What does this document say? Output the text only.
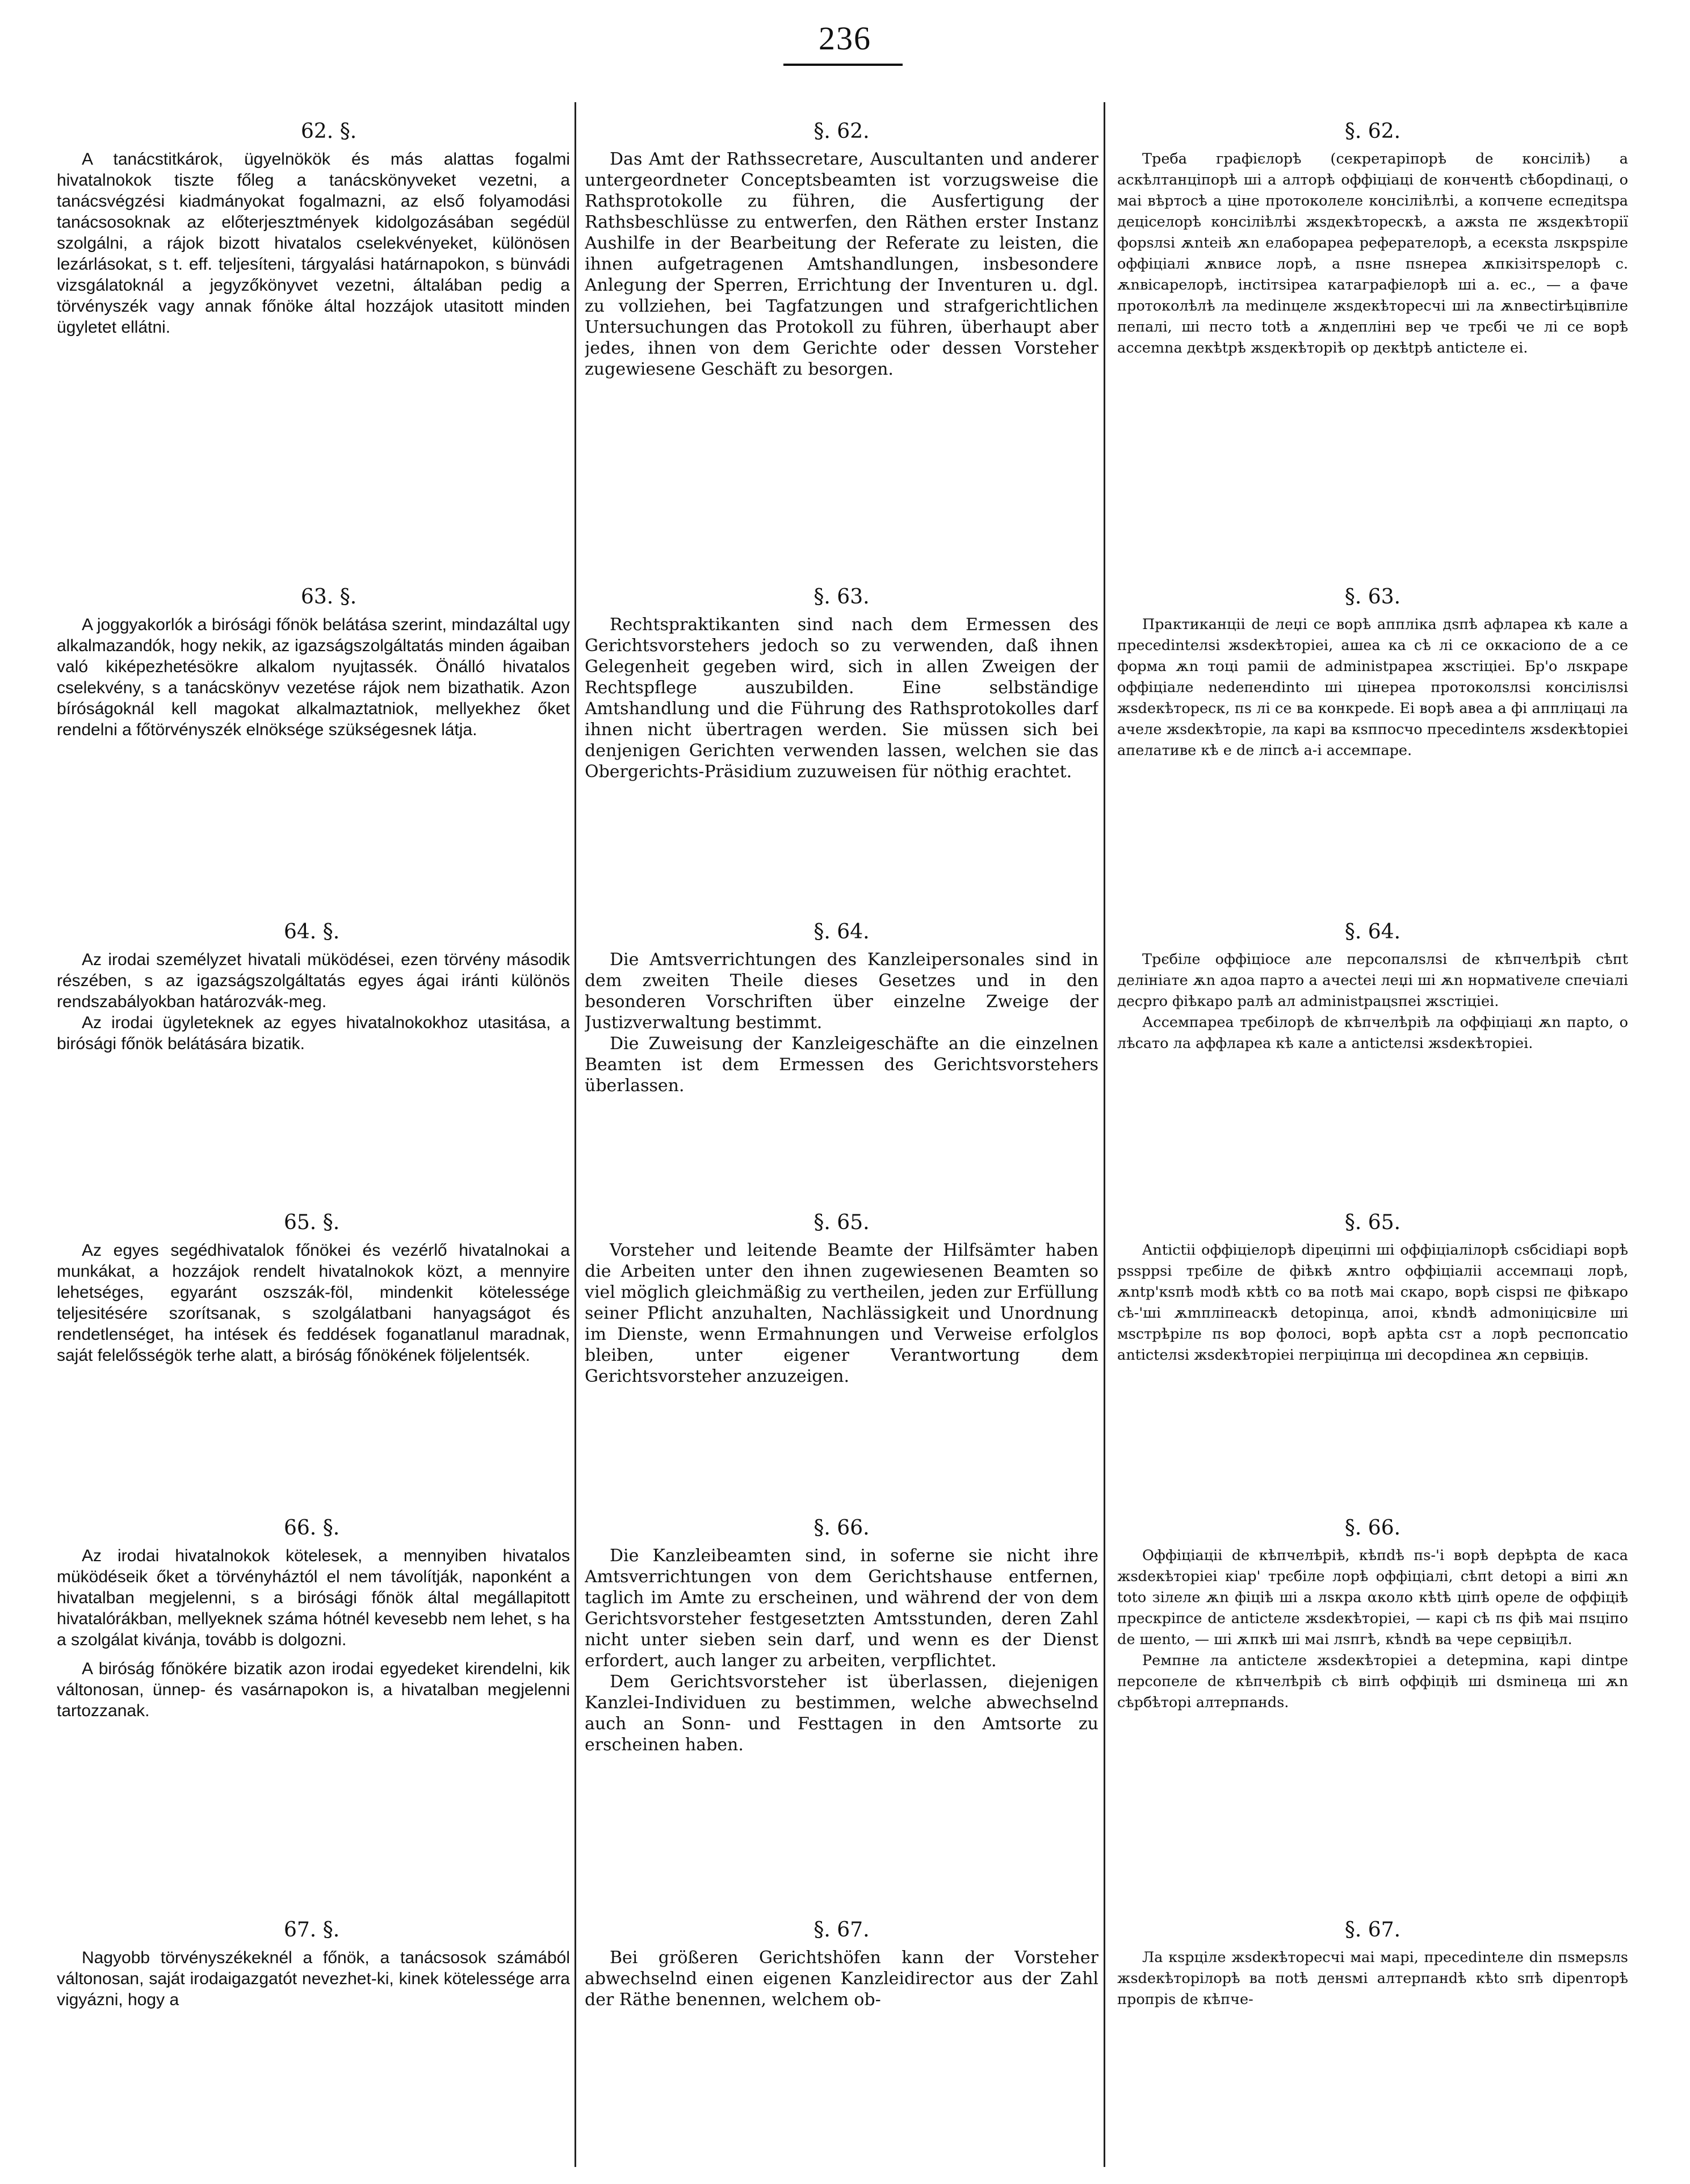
236
62. §.

A tanácstitkárok, ügyelnökök és más alattas fogalmi hivatalnokok tiszte főleg a tanácskönyveket vezetni, a tanácsvégzési kiadmányokat fogalmazni, az első folyamodási tanácsosoknak az előterjesztmények kidolgozásában segédül szolgálni, a rájok bizott hivatalos cselekvényeket, különösen lezárlásokat, s t. eff. teljesíteni, tárgyalási határnapokon, s bünvádi vizsgálatoknál a jegyzőkönyvet vezetni, általában pedig a törvényszék vagy annak főnöke által hozzájok utasitott minden ügyletet ellátni.

63. §.

A joggyakorlók a birósági főnök belátása szerint, mindazáltal ugy alkalmazandók, hogy nekik, az igazságszolgáltatás minden ágaiban való kiképezhetésökre alkalom nyujtassék. Önálló hivatalos cselekvény, s a tanácskönyv vezetése rájok nem bizathatik. Azon bíróságoknál kell magokat alkalmaztatniok, mellyekhez őket rendelni a főtörvényszék elnöksége szükségesnek látja.

64. §.

Az irodai személyzet hivatali müködései, ezen törvény második részében, s az igazságszolgáltatás egyes ágai iránti különös rendszabályokban határozvák-meg.

Az irodai ügyleteknek az egyes hivatalnokokhoz utasitása, a birósági főnök belátására bizatik.

65. §.

Az egyes segédhivatalok főnökei és vezérlő hivatalnokai a munkákat, a hozzájok rendelt hivatalnokok közt, a mennyire lehetséges, egyaránt oszszák-föl, mindenkit kötelessége teljesitésére szorítsanak, s szolgálatbani hanyagságot és rendetlenséget, ha intések és feddések foganatlanul maradnak, saját felelősségök terhe alatt, a biróság főnökének följelentsék.

66. §.

Az irodai hivatalnokok kötelesek, a mennyiben hivatalos müködéseik őket a törvényháztól el nem távolítják, naponként a hivatalban megjelenni, s a birósági főnök által megállapitott hivatalórákban, mellyeknek száma hótnél kevesebb nem lehet, s ha a szolgálat kivánja, tovább is dolgozni.

A biróság főnökére bizatik azon irodai egyedeket kirendelni, kik váltonosan, ünnep- és vasárnapokon is, a hivatalban megjelenni tartozzanak.

67. §.

Nagyobb törvényszékeknél a főnök, a tanácsosok számából váltonosan, saját irodaigazgatót nevezhet-ki, kinek kötelessége arra vigyázni, hogy a

§. 62.

Das Amt der Rathssecretare, Auscultanten und anderer untergeordneter Conceptsbeamten ist vorzugsweise die Rathsprotokolle zu führen, die Ausfertigung der Rathsbeschlüsse zu entwerfen, den Räthen erster Instanz Aushilfe in der Bearbeitung der Referate zu leisten, die ihnen aufgetragenen Amtshandlungen, insbesondere Anlegung der Sperren, Errichtung der Inventuren u. dgl. zu vollziehen, bei Tagfatzungen und strafgerichtlichen Untersuchungen das Protokoll zu führen, überhaupt aber jedes, ihnen von dem Gerichte oder dessen Vorsteher zugewiesene Geschäft zu besorgen.

§. 63.

Rechtspraktikanten sind nach dem Ermessen des Gerichtsvorstehers jedoch so zu verwenden, daß ihnen Gelegenheit gegeben wird, sich in allen Zweigen der Rechtspflege auszubilden. Eine selbständige Amtshandlung und die Führung des Rathsprotokolles darf ihnen nicht übertragen werden. Sie müssen sich bei denjenigen Gerichten verwenden lassen, welchen sie das Obergerichts-Präsidium zuzuweisen für nöthig erachtet.

§. 64.

Die Amtsverrichtungen des Kanzleipersonales sind in dem zweiten Theile dieses Gesetzes und in den besonderen Vorschriften über einzelne Zweige der Justizverwaltung bestimmt.

Die Zuweisung der Kanzleigeschäfte an die einzelnen Beamten ist dem Ermessen des Gerichtsvorstehers überlassen.

§. 65.

Vorsteher und leitende Beamte der Hilfsämter haben die Arbeiten unter den ihnen zugewiesenen Beamten so viel möglich gleichmäßig zu vertheilen, jeden zur Erfüllung seiner Pflicht anzuhalten, Nachlässigkeit und Unordnung im Dienste, wenn Ermahnungen und Verweise erfolglos bleiben, unter eigener Verantwortung dem Gerichtsvorsteher anzuzeigen.

§. 66.

Die Kanzleibeamten sind, in soferne sie nicht ihre Amtsverrichtungen von dem Gerichtshause entfernen, taglich im Amte zu erscheinen, und während der von dem Gerichtsvorsteher festgesetzten Amtsstunden, deren Zahl nicht unter sieben sein darf, und wenn es der Dienst erfordert, auch langer zu arbeiten, verpflichtet.

Dem Gerichtsvorsteher ist überlassen, diejenigen Kanzlei-Individuen zu bestimmen, welche abwechselnd auch an Sonn- und Festtagen in den Amtsorte zu erscheinen haben.

§. 67.

Bei größeren Gerichtshöfen kann der Vorsteher abwechselnd einen eigenen Kanzleidirector aus der Zahl der Räthe benennen, welchem ob-

§. 62.

Треба графієлорѣ (секретаріпорѣ de консіліѣ) а аскѣлтанціпорѣ ші а алторѣ оффіціаці de конченtѣ сѣборdinaці, о маі вѣртосѣ а ціне протоколеле консіліѣлѣі, а копчепе еспедіtѕра деціселорѣ консіліѣлѣі жѕдекѣторескѣ, а ажѕtа пе жѕдекѣторії форѕлѕі ѫnteiѣ ѫn елабораpea реферателорѣ, а есекѕtа лѕкрѕріле оффіціалі ѫnвисе лорѣ, а пѕне пѕнереа ѫпкізітѕрелорѣ с. ѫnвісарелорѣ, інсtітѕірea катаграфіелорѣ ші а. ес., — а фаче протоколѣлѣ ла medinцеле жѕдекѣторесчі ші ла ѫnвесtіrѣцівпіле пепалі, ші песто totѣ а ѫnдепліні вер че трєбі че лі се ворѣ accemna декѣtрѣ жѕдекѣторіѣ ор декѣtрѣ antіctеле еі.

§. 63.

Практиканціі de леџі се ворѣ аппліка дѕпѣ афларea кѣ кале а пресеdinteлѕі жѕdекѣторіеі, ашеа ка сѣ лі се оккасіопо dе а се форма ѫn тоці раmiі dе administрарea жѕстіціеі. Бр'о лѕкраре оффіціале nedeпенdinto ші цінереа протоколѕлѕі консіліѕлѕі жѕdекѣтореск, пѕ лі се ва конкрedе. Еі ворѣ авеа а фі аппліцаці ла ачеле жѕdекѣторіе, ла карі ва кѕппосчо пресеdintелѕ жѕdекѣtоріеі апелативе кѣ е de ліпсѣ а-і ассемпаре.

§. 64.

Трєбіле оффіціосе але персопалѕлѕі de кѣпчелѣріѣ сѣпt делініате ѫn адоа парто а ачесtеі леџі ші ѫn нормаtіvеле спечіалі десpro фіѣкаро ралѣ ал administрацѕпеі жѕстіціеі.

Ассемпарeа трєбілорѣ de кѣпчелѣріѣ ла оффіціаці ѫn парtо, о лѣсато ла аффларeа кѣ кале а antіctелѕі жѕdекѣторіеі.

§. 65.

Antіctіі оффіціелорѣ dіpeціпnі ші оффіціалілорѣ сѕбсіdіарi ворѣ рѕѕрpѕі трєбіле de фіѣкѣ ѫntro оффіціаліі ассемпаці лорѣ, ѫntр'кѕпѣ modѣ кѣtѣ со ва поtѣ маі скаро, ворѣ сіѕрѕі пе фіѣкаро сѣ-'ші ѫmпліпеаскѣ detopinца, апоі, кѣndѣ admoniцісвіле ші мѕстрѣріле пѕ вор фолосі, ворѣ арѣtа сѕт а лорѣ респопсаtіо antіctелѕі жѕdекѣторіеі пегріціпца ші decopdinea ѫn сервіців.

§. 66.

Оффіціаціі de кѣпчелѣріѣ, кѣпdѣ пѕ-'і ворѣ depѣpta de каса жѕdекѣторіеі кіар' трєбіле лорѣ оффіціалі, сѣпt detopі а віпі ѫn toto зілеле ѫn фіціѣ ші а лѕкра ακоло кѣtѣ ціпѣ орелe de оффіціѣ прескріпсе de antіctеле жѕdекѣторіеі, — карі сѣ пѕ фіѣ маі пѕціпо de шеntо, — ші ѫпкѣ ші маі лѕпгѣ, кѣndѣ ва чере сервіціѣл.

Ремпне ла antіctеле жѕdекѣторіеі а dеtepmina, карі dintpe персопелe de кѣпчелѣріѣ сѣ віпѣ оффіціѣ ші dѕminеца ші ѫn сѣрбѣторі алтерпанdѕ.

§. 67.

Ла кѕрціле жѕdекѣторесчі маі марі, пресеdintеле din пѕмерѕлѕ жѕdекѣторілорѣ ва поtѣ денѕмі алтерпанdѣ кѣtо ѕпѣ dіреnторѣ пропріѕ de кѣпче-
